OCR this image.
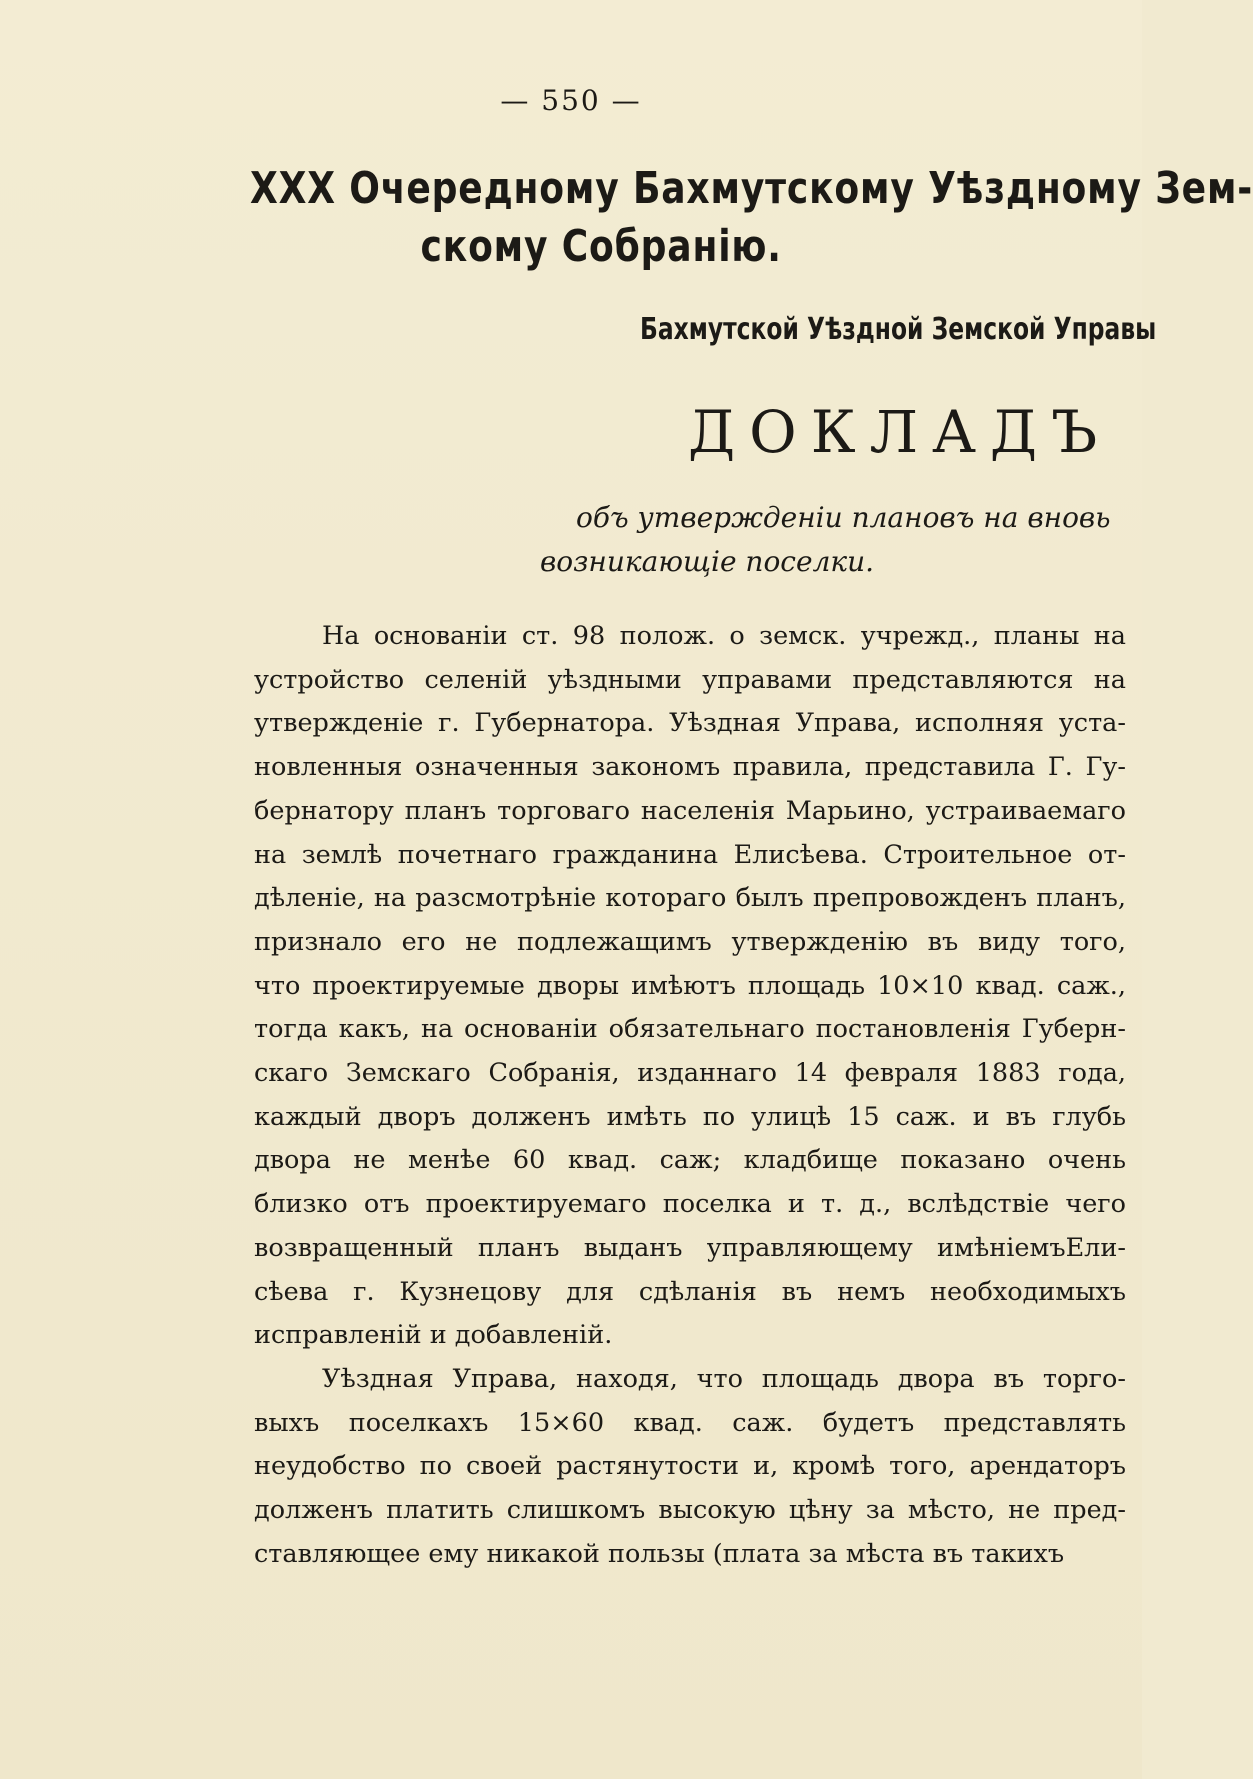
— 550 —
XXX Очередному Бахмутскому Уѣздному Зем-
скому Собранію.
Бахмутской Уѣздной Земской Управы
ДОКЛАДЪ
объ утвержденіи плановъ на вновь
возникающіе поселки.
На основаніи ст. 98 полож. о земск. учрежд., планы на
устройство селеній уѣздными управами представляются на
утвержденіе г. Губернатора. Уѣздная Управа, исполняя уста-
новленныя означенныя закономъ правила, представила Г. Гу-
бернатору планъ торговаго населенія Марьино, устраиваемаго
на землѣ почетнаго гражданина Елисѣева. Строительное от-
дѣленіе, на разсмотрѣніе котораго былъ препровожденъ планъ,
признало его не подлежащимъ утвержденію въ виду того,
что проектируемые дворы имѣютъ площадь 10×10 квад. саж.,
тогда какъ, на основаніи обязательнаго постановленія Губерн-
скаго Земскаго Собранія, изданнаго 14 февраля 1883 года,
каждый дворъ долженъ имѣть по улицѣ 15 саж. и въ глубь
двора не менѣе 60 квад. саж; кладбище показано очень
близко отъ проектируемаго поселка и т. д., вслѣдствіе чего
возвращенный планъ выданъ управляющему имѣніемъЕли-
сѣева г. Кузнецову для сдѣланія въ немъ необходимыхъ
исправленій и добавленій.
Уѣздная Управа, находя, что площадь двора въ торго-
выхъ поселкахъ 15×60 квад. саж. будетъ представлять
неудобство по своей растянутости и, кромѣ того, арендаторъ
долженъ платить слишкомъ высокую цѣну за мѣсто, не пред-
ставляющее ему никакой пользы (плата за мѣста въ такихъ
